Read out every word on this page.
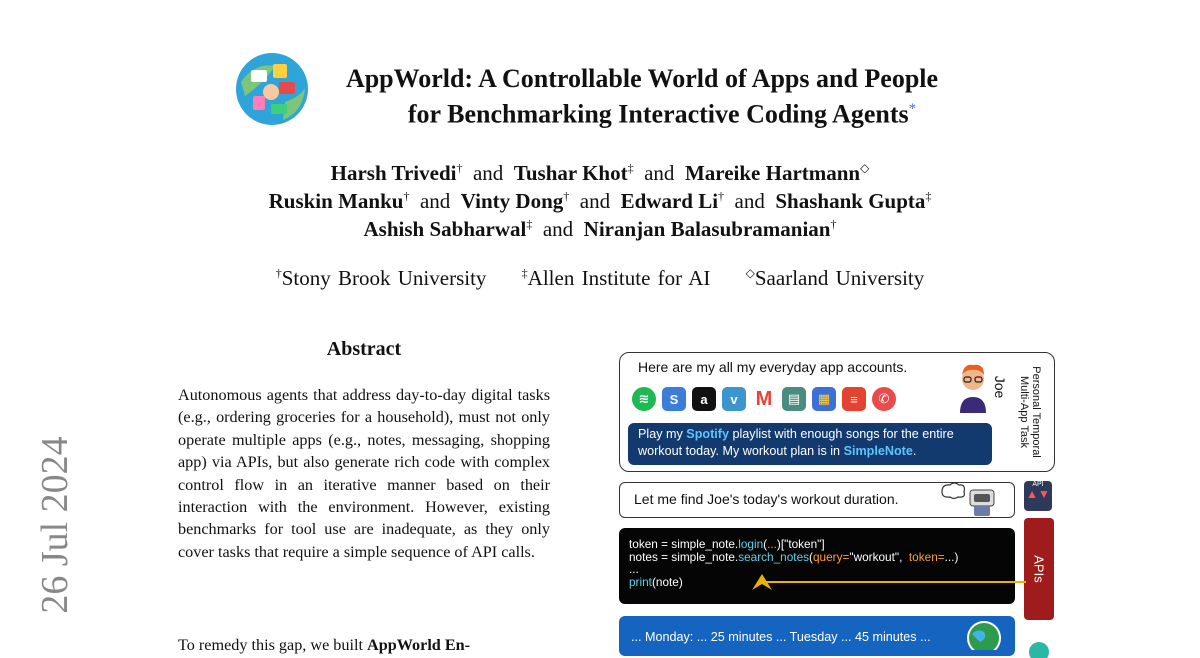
26 Jul 2024
AppWorld: A Controllable World of Apps and People
for Benchmarking Interactive Coding Agents*
Harsh Trivedi† and Tushar Khot‡ and Mareike Hartmann◇
Ruskin Manku† and Vinty Dong† and Edward Li† and Shashank Gupta‡
Ashish Sabharwal‡ and Niranjan Balasubramanian†
†Stony Brook University	‡Allen Institute for AI	◇Saarland University
Abstract
Autonomous agents that address day-to-day digital tasks (e.g., ordering groceries for a household), must not only operate multiple apps (e.g., notes, messaging, shopping app) via APIs, but also generate rich code with complex control flow in an iterative manner based on their interaction with the environment. However, existing benchmarks for tool use are inadequate, as they only cover tasks that require a simple sequence of API calls.
To remedy this gap, we built AppWorld En-
Here are my all my everyday app accounts.
≋	S	a	v M	▤	▦	≡	✆
Play my Spotify playlist with enough songs for the entire workout today. My workout plan is in SimpleNote.
Joe	Personal Temporal
Multi-App Task
Let me find Joe's today's workout duration.
API
▲▼
token = simple_note.login(...)["token"]
notes = simple_note.search_notes(query="workout",  token=...)
...
print(note)	APIs
... Monday: ... 25 minutes ... Tuesday ... 45 minutes ...
